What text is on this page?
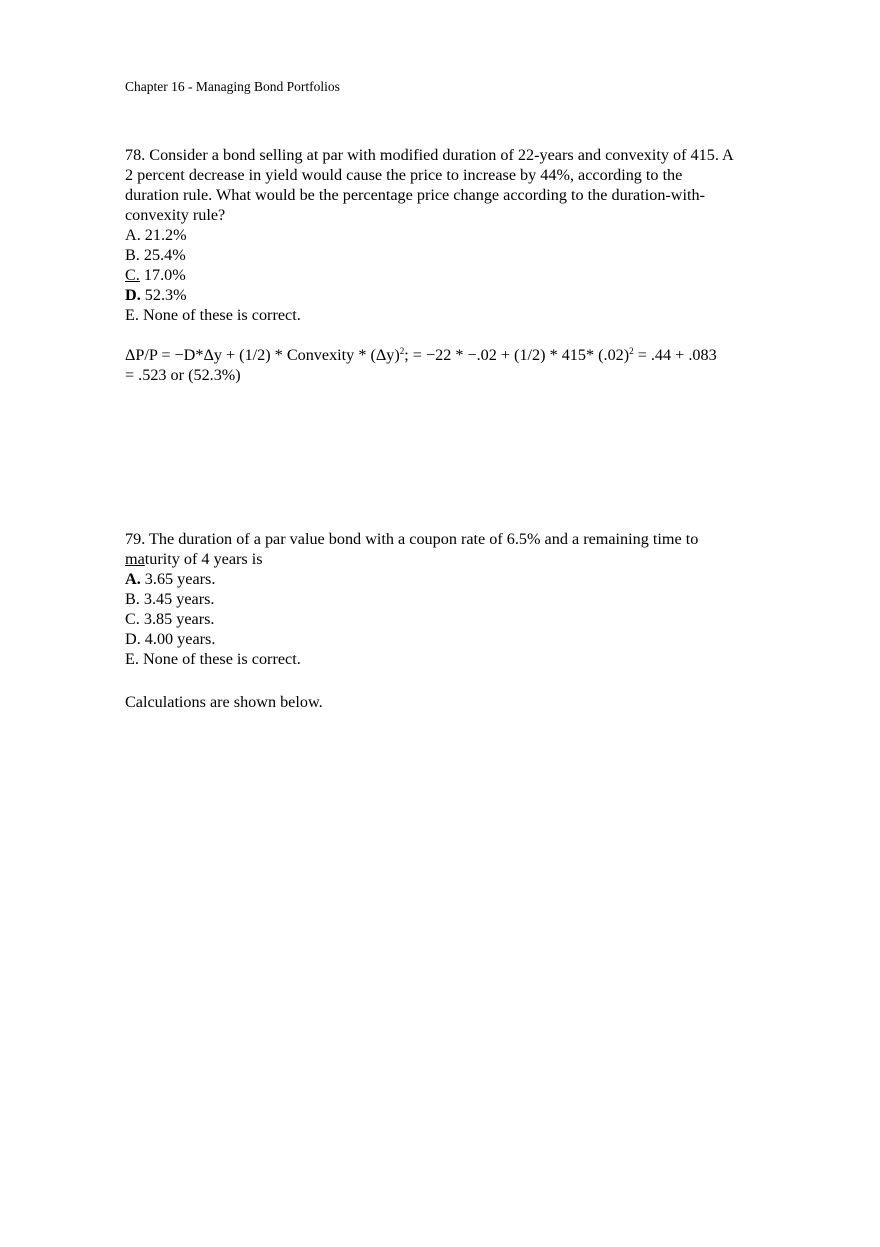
Chapter 16 - Managing Bond Portfolios
78. Consider a bond selling at par with modified duration of 22-years and convexity of 415. A
2 percent decrease in yield would cause the price to increase by 44%, according to the
duration rule. What would be the percentage price change according to the duration-with-
convexity rule?
A. 21.2%
B. 25.4%
C. 17.0%
D. 52.3%
E. None of these is correct.
ΔP/P = −D*Δy + (1/2) * Convexity * $(\Delta y)^2$; = −22 * −.02 + (1/2) * 415* $(.02)^2 = .44 + .083$
= .523 or (52.3%)
79. The duration of a par value bond with a coupon rate of 6.5% and a remaining time to
maturity of 4 years is
A. 3.65 years.
B. 3.45 years.
C. 3.85 years.
D. 4.00 years.
E. None of these is correct.
Calculations are shown below.
